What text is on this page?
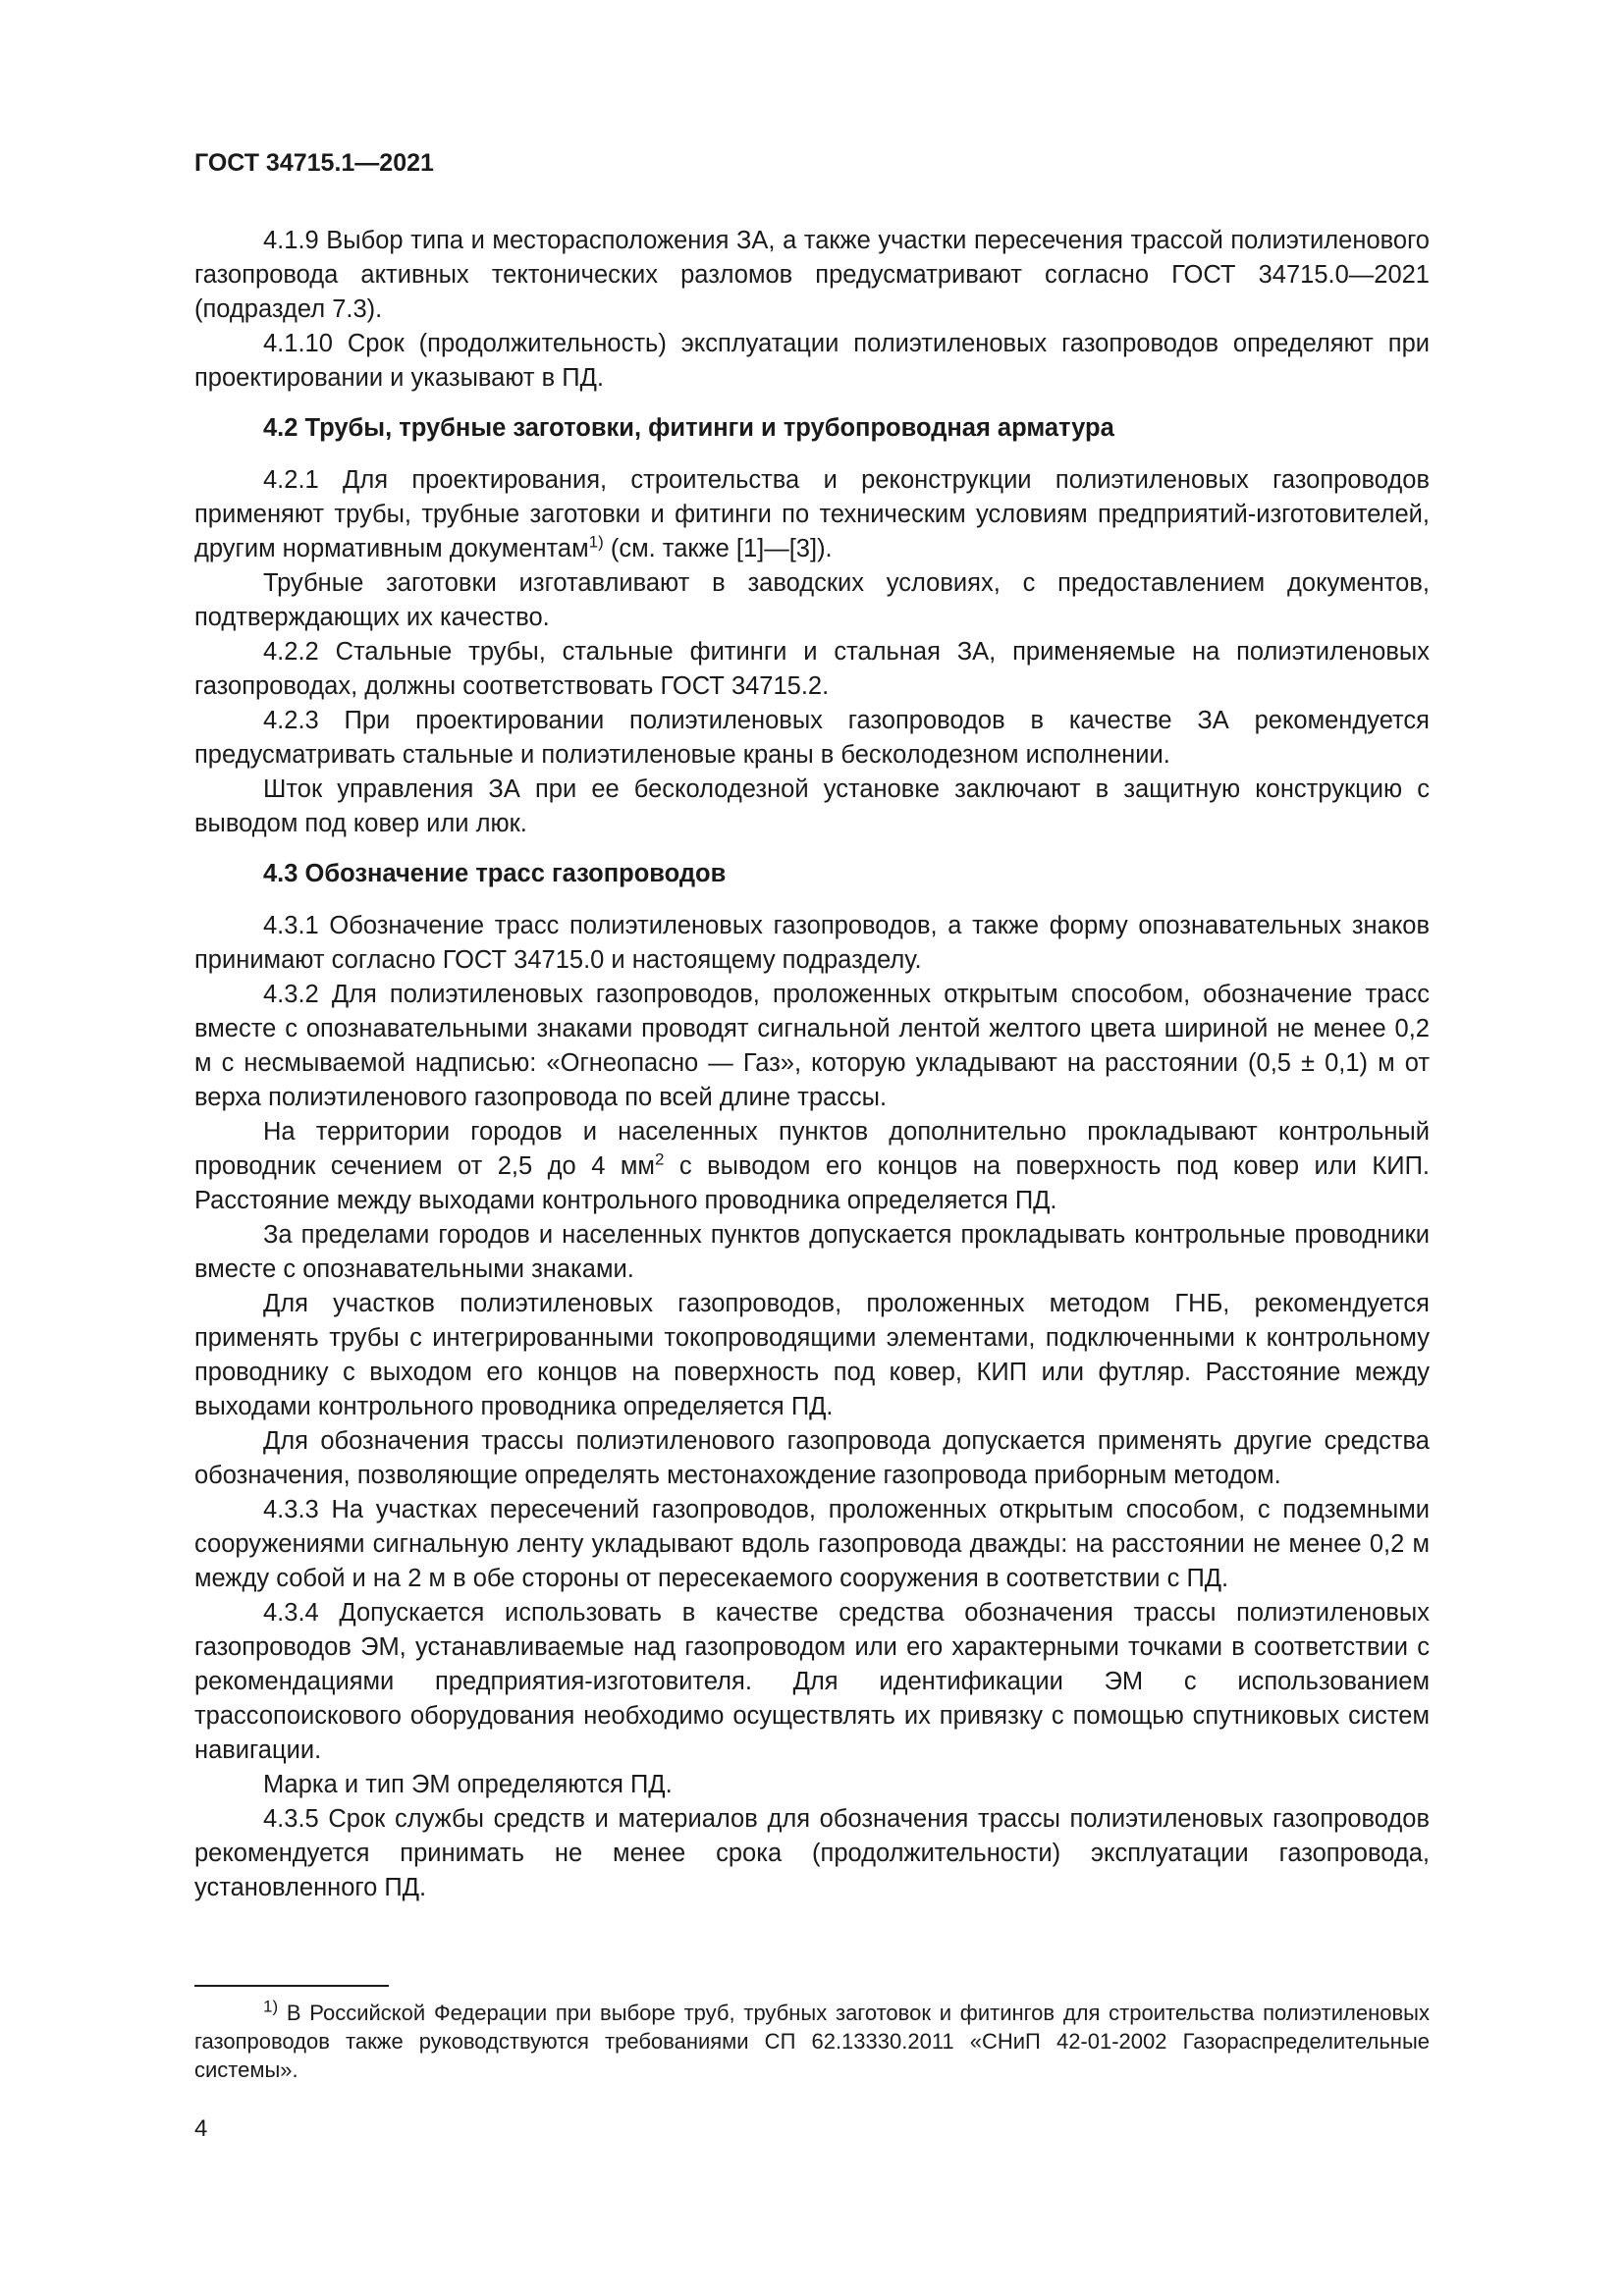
ГОСТ 34715.1—2021

4.1.9 Выбор типа и месторасположения ЗА, а также участки пересечения трассой полиэтиленового газопровода активных тектонических разломов предусматривают согласно ГОСТ 34715.0—2021 (подраздел 7.3).

4.1.10 Срок (продолжительность) эксплуатации полиэтиленовых газопроводов определяют при проектировании и указывают в ПД.

4.2 Трубы, трубные заготовки, фитинги и трубопроводная арматура

4.2.1 Для проектирования, строительства и реконструкции полиэтиленовых газопроводов применяют трубы, трубные заготовки и фитинги по техническим условиям предприятий-изготовителей, другим нормативным документам$^{1)}$ (см. также [1]—[3]).

Трубные заготовки изготавливают в заводских условиях, с предоставлением документов, подтверждающих их качество.

4.2.2 Стальные трубы, стальные фитинги и стальная ЗА, применяемые на полиэтиленовых газопроводах, должны соответствовать ГОСТ 34715.2.

4.2.3 При проектировании полиэтиленовых газопроводов в качестве ЗА рекомендуется предусматривать стальные и полиэтиленовые краны в бесколодезном исполнении.

Шток управления ЗА при ее бесколодезной установке заключают в защитную конструкцию с выводом под ковер или люк.

4.3 Обозначение трасс газопроводов

4.3.1 Обозначение трасс полиэтиленовых газопроводов, а также форму опознавательных знаков принимают согласно ГОСТ 34715.0 и настоящему подразделу.

4.3.2 Для полиэтиленовых газопроводов, проложенных открытым способом, обозначение трасс вместе с опознавательными знаками проводят сигнальной лентой желтого цвета шириной не менее 0,2 м с несмываемой надписью: «Огнеопасно — Газ», которую укладывают на расстоянии (0,5 ± 0,1) м от верха полиэтиленового газопровода по всей длине трассы.

На территории городов и населенных пунктов дополнительно прокладывают контрольный проводник сечением от 2,5 до 4 $мм^2$ с выводом его концов на поверхность под ковер или КИП. Расстояние между выходами контрольного проводника определяется ПД.

За пределами городов и населенных пунктов допускается прокладывать контрольные проводники вместе с опознавательными знаками.

Для участков полиэтиленовых газопроводов, проложенных методом ГНБ, рекомендуется применять трубы с интегрированными токопроводящими элементами, подключенными к контрольному проводнику с выходом его концов на поверхность под ковер, КИП или футляр. Расстояние между выходами контрольного проводника определяется ПД.

Для обозначения трассы полиэтиленового газопровода допускается применять другие средства обозначения, позволяющие определять местонахождение газопровода приборным методом.

4.3.3 На участках пересечений газопроводов, проложенных открытым способом, с подземными сооружениями сигнальную ленту укладывают вдоль газопровода дважды: на расстоянии не менее 0,2 м между собой и на 2 м в обе стороны от пересекаемого сооружения в соответствии с ПД.

4.3.4 Допускается использовать в качестве средства обозначения трассы полиэтиленовых газопроводов ЭМ, устанавливаемые над газопроводом или его характерными точками в соответствии с рекомендациями предприятия-изготовителя. Для идентификации ЭМ с использованием трассопоискового оборудования необходимо осуществлять их привязку с помощью спутниковых систем навигации.

Марка и тип ЭМ определяются ПД.

4.3.5 Срок службы средств и материалов для обозначения трассы полиэтиленовых газопроводов рекомендуется принимать не менее срока (продолжительности) эксплуатации газопровода, установленного ПД.

$^{1)}$ В Российской Федерации при выборе труб, трубных заготовок и фитингов для строительства полиэтиленовых газопроводов также руководствуются требованиями СП 62.13330.2011 «СНиП 42-01-2002 Газораспределительные системы».

4
